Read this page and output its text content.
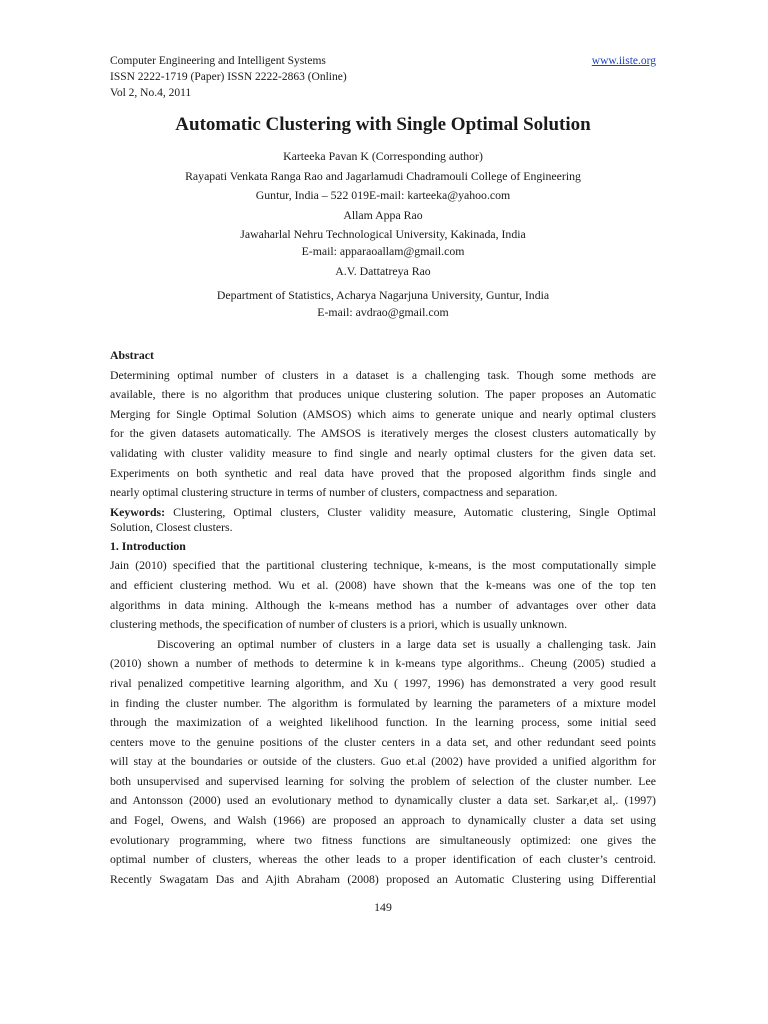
Computer Engineering and Intelligent Systems
ISSN 2222-1719 (Paper) ISSN 2222-2863 (Online)
Vol 2, No.4, 2011
www.iiste.org
Automatic Clustering with Single Optimal Solution
Karteeka Pavan K (Corresponding author)
Rayapati Venkata Ranga Rao and Jagarlamudi Chadramouli College of Engineering
Guntur, India – 522 019E-mail: karteeka@yahoo.com
Allam Appa Rao
Jawaharlal Nehru Technological University, Kakinada, India
E-mail: apparaoallam@gmail.com
A.V. Dattatreya Rao
Department of Statistics, Acharya Nagarjuna University, Guntur, India
E-mail: avdrao@gmail.com
Abstract
Determining optimal number of clusters in a dataset is a challenging task. Though some methods are
available, there is no algorithm that produces unique clustering solution. The paper proposes an Automatic
Merging for Single Optimal Solution (AMSOS) which aims to generate unique and nearly optimal clusters
for the given datasets automatically. The AMSOS is iteratively merges the closest clusters automatically by
validating with cluster validity measure to find single and nearly optimal clusters for the given data set.
Experiments on both synthetic and real data have proved that the proposed algorithm finds single and
nearly optimal clustering structure in terms of number of clusters, compactness and separation.
Keywords: Clustering, Optimal clusters, Cluster validity measure, Automatic clustering, Single Optimal
Solution, Closest clusters.
1. Introduction
Jain (2010) specified that the partitional clustering technique, k-means, is the most computationally simple
and efficient clustering method. Wu et al. (2008) have shown that the k-means was one of the top ten
algorithms in data mining. Although the k-means method has a number of advantages over other data
clustering methods, the specification of number of clusters is a priori, which is usually unknown.
Discovering an optimal number of clusters in a large data set is usually a challenging task. Jain
(2010) shown a number of methods to determine k in k-means type algorithms.. Cheung (2005) studied a
rival penalized competitive learning algorithm, and Xu ( 1997, 1996) has demonstrated a very good result
in finding the cluster number. The algorithm is formulated by learning the parameters of a mixture model
through the maximization of a weighted likelihood function. In the learning process, some initial seed
centers move to the genuine positions of the cluster centers in a data set, and other redundant seed points
will stay at the boundaries or outside of the clusters. Guo et.al (2002) have provided a unified algorithm for
both unsupervised and supervised learning for solving the problem of selection of the cluster number. Lee
and Antonsson (2000) used an evolutionary method to dynamically cluster a data set. Sarkar,et al,. (1997)
and Fogel, Owens, and Walsh (1966) are proposed an approach to dynamically cluster a data set using
evolutionary programming, where two fitness functions are simultaneously optimized: one gives the
optimal number of clusters, whereas the other leads to a proper identification of each cluster’s centroid.
Recently Swagatam Das and Ajith Abraham (2008) proposed an Automatic Clustering using Differential
149
